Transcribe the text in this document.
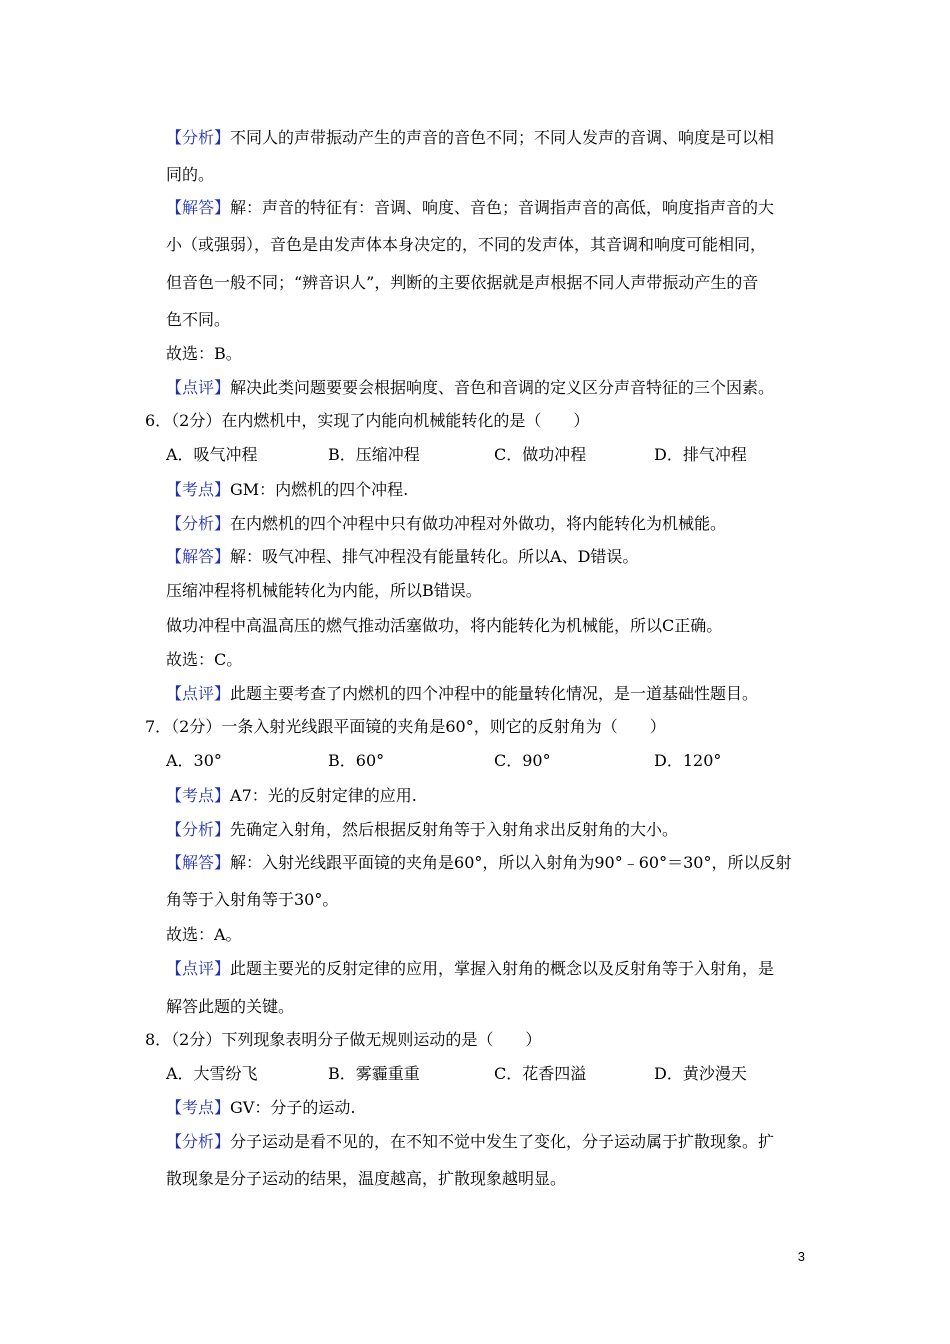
【分析】不同人的声带振动产生的声音的音色不同；不同人发声的音调、响度是可以相
同的。
【解答】解：声音的特征有：音调、响度、音色；音调指声音的高低，响度指声音的大
小（或强弱），音色是由发声体本身决定的，不同的发声体，其音调和响度可能相同，
但音色一般不同；“辨音识人”，判断的主要依据就是声根据不同人声带振动产生的音
色不同。
故选：B。
【点评】解决此类问题要要会根据响度、音色和音调的定义区分声音特征的三个因素。
6．（2分）在内燃机中，实现了内能向机械能转化的是（　　）
A．吸气冲程	B．压缩冲程	C．做功冲程	D．排气冲程
【考点】GM：内燃机的四个冲程.
【分析】在内燃机的四个冲程中只有做功冲程对外做功，将内能转化为机械能。
【解答】解：吸气冲程、排气冲程没有能量转化。所以A、D错误。
压缩冲程将机械能转化为内能，所以B错误。
做功冲程中高温高压的燃气推动活塞做功，将内能转化为机械能，所以C正确。
故选：C。
【点评】此题主要考查了内燃机的四个冲程中的能量转化情况，是一道基础性题目。
7．（2分）一条入射光线跟平面镜的夹角是60°，则它的反射角为（　　）
A．30°	B．60°	C．90°	D．120°
【考点】A7：光的反射定律的应用.
【分析】先确定入射角，然后根据反射角等于入射角求出反射角的大小。
【解答】解：入射光线跟平面镜的夹角是60°，所以入射角为90°﹣60°＝30°，所以反射
角等于入射角等于30°。
故选：A。
【点评】此题主要光的反射定律的应用，掌握入射角的概念以及反射角等于入射角，是
解答此题的关键。
8．（2分）下列现象表明分子做无规则运动的是（　　）
A．大雪纷飞	B．雾霾重重	C．花香四溢	D．黄沙漫天
【考点】GV：分子的运动.
【分析】分子运动是看不见的，在不知不觉中发生了变化，分子运动属于扩散现象。扩
散现象是分子运动的结果，温度越高，扩散现象越明显。
3
